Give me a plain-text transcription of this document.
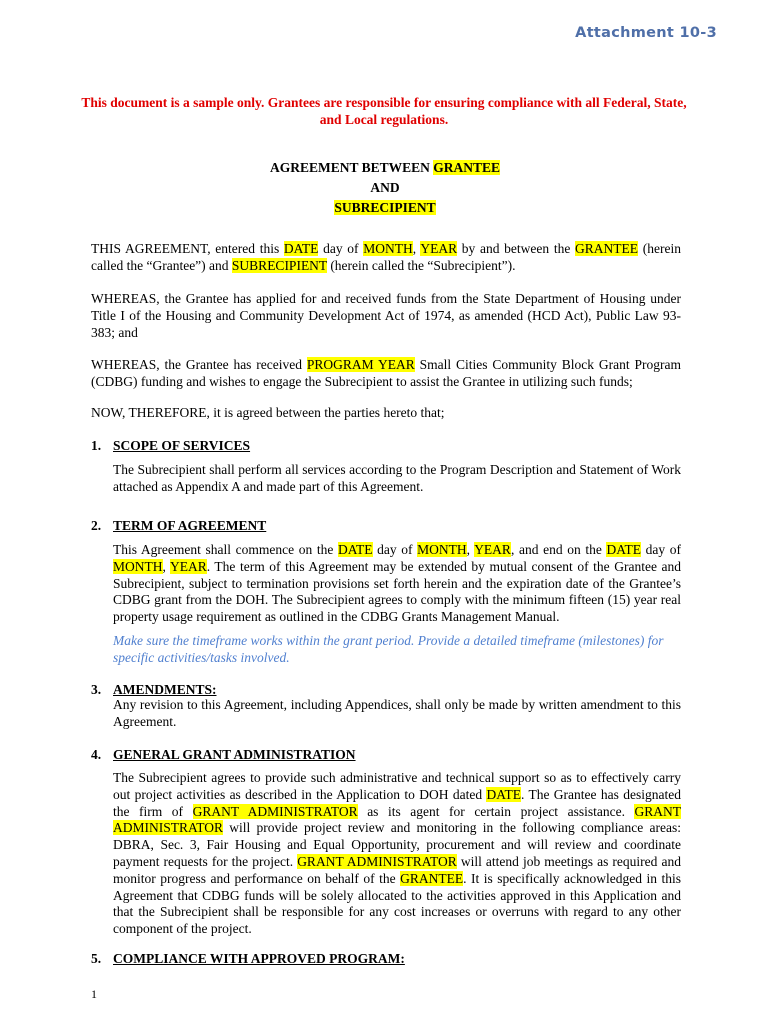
Attachment 10-3
This document is a sample only. Grantees are responsible for ensuring compliance with all Federal, State, and Local regulations.
AGREEMENT BETWEEN GRANTEE
AND
SUBRECIPIENT
THIS AGREEMENT, entered this DATE day of MONTH, YEAR by and between the GRANTEE (herein called the “Grantee”) and SUBRECIPIENT (herein called the “Subrecipient”).
WHEREAS, the Grantee has applied for and received funds from the State Department of Housing under Title I of the Housing and Community Development Act of 1974, as amended (HCD Act), Public Law 93-383; and
WHEREAS, the Grantee has received PROGRAM YEAR Small Cities Community Block Grant Program (CDBG) funding and wishes to engage the Subrecipient to assist the Grantee in utilizing such funds;
NOW, THEREFORE, it is agreed between the parties hereto that;
1. SCOPE OF SERVICES
The Subrecipient shall perform all services according to the Program Description and Statement of Work attached as Appendix A and made part of this Agreement.
2. TERM OF AGREEMENT
This Agreement shall commence on the DATE day of MONTH, YEAR, and end on the DATE day of MONTH, YEAR. The term of this Agreement may be extended by mutual consent of the Grantee and Subrecipient, subject to termination provisions set forth herein and the expiration date of the Grantee’s CDBG grant from the DOH. The Subrecipient agrees to comply with the minimum fifteen (15) year real property usage requirement as outlined in the CDBG Grants Management Manual.
Make sure the timeframe works within the grant period. Provide a detailed timeframe (milestones) for specific activities/tasks involved.
3. AMENDMENTS:
Any revision to this Agreement, including Appendices, shall only be made by written amendment to this Agreement.
4. GENERAL GRANT ADMINISTRATION
The Subrecipient agrees to provide such administrative and technical support so as to effectively carry out project activities as described in the Application to DOH dated DATE. The Grantee has designated the firm of GRANT ADMINISTRATOR as its agent for certain project assistance. GRANT ADMINISTRATOR will provide project review and monitoring in the following compliance areas: DBRA, Sec. 3, Fair Housing and Equal Opportunity, procurement and will review and coordinate payment requests for the project. GRANT ADMINISTRATOR will attend job meetings as required and monitor progress and performance on behalf of the GRANTEE. It is specifically acknowledged in this Agreement that CDBG funds will be solely allocated to the activities approved in this Application and that the Subrecipient shall be responsible for any cost increases or overruns with regard to any other component of the project.
5. COMPLIANCE WITH APPROVED PROGRAM:
1
